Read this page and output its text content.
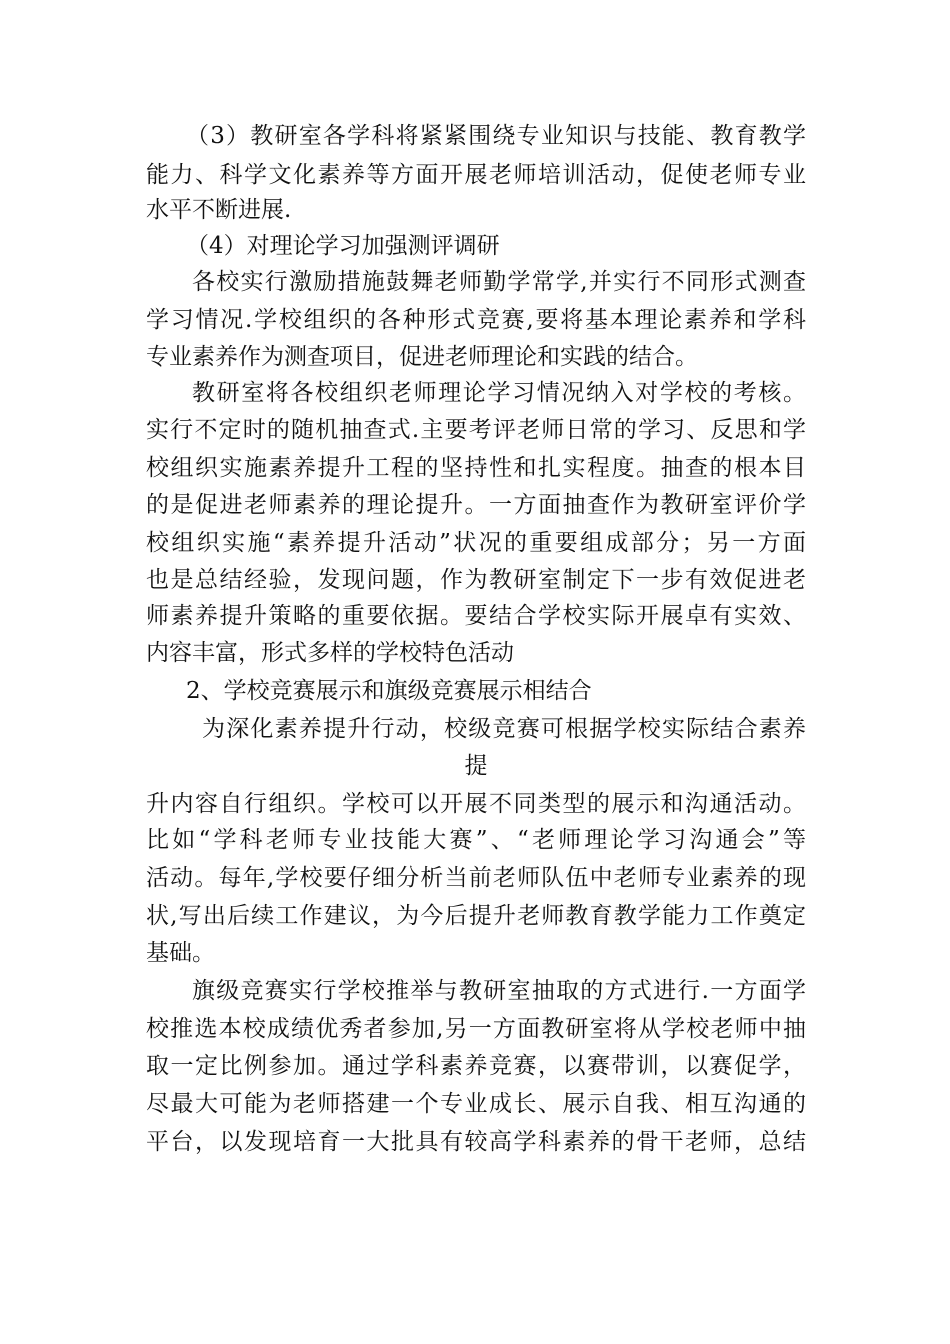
（3）教研室各学科将紧紧围绕专业知识与技能、教育教学
能力、科学文化素养等方面开展老师培训活动，促使老师专业
水平不断进展.
（4）对理论学习加强测评调研
各校实行激励措施鼓舞老师勤学常学,并实行不同形式测查
学习情况.学校组织的各种形式竞赛,要将基本理论素养和学科
专业素养作为测查项目，促进老师理论和实践的结合。
教研室将各校组织老师理论学习情况纳入对学校的考核。
实行不定时的随机抽查式.主要考评老师日常的学习、反思和学
校组织实施素养提升工程的坚持性和扎实程度。抽查的根本目
的是促进老师素养的理论提升。一方面抽查作为教研室评价学
校组织实施“素养提升活动”状况的重要组成部分；另一方面
也是总结经验，发现问题，作为教研室制定下一步有效促进老
师素养提升策略的重要依据。要结合学校实际开展卓有实效、
内容丰富，形式多样的学校特色活动
2、学校竞赛展示和旗级竞赛展示相结合
为深化素养提升行动，校级竞赛可根据学校实际结合素养
提
升内容自行组织。学校可以开展不同类型的展示和沟通活动。
比如“学科老师专业技能大赛”、“老师理论学习沟通会”等
活动。每年,学校要仔细分析当前老师队伍中老师专业素养的现
状,写出后续工作建议，为今后提升老师教育教学能力工作奠定
基础。
旗级竞赛实行学校推举与教研室抽取的方式进行.一方面学
校推选本校成绩优秀者参加,另一方面教研室将从学校老师中抽
取一定比例参加。通过学科素养竞赛，以赛带训，以赛促学，
尽最大可能为老师搭建一个专业成长、展示自我、相互沟通的
平台，以发现培育一大批具有较高学科素养的骨干老师，总结
